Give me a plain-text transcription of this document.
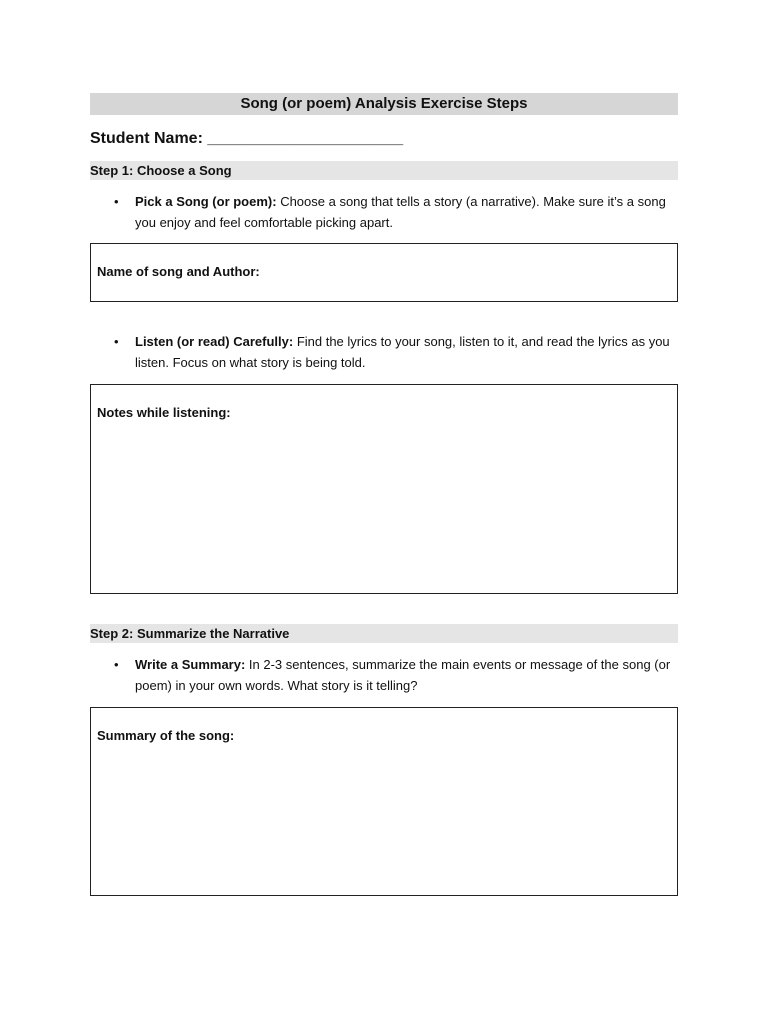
Song (or poem) Analysis Exercise Steps
Student Name: ______________________
Step 1: Choose a Song
• Pick a Song (or poem): Choose a song that tells a story (a narrative). Make sure it’s a song you enjoy and feel comfortable picking apart.
Name of song and Author:
• Listen (or read) Carefully: Find the lyrics to your song, listen to it, and read the lyrics as you listen. Focus on what story is being told.
Notes while listening:
Step 2: Summarize the Narrative
• Write a Summary: In 2-3 sentences, summarize the main events or message of the song (or poem) in your own words. What story is it telling?
Summary of the song:
